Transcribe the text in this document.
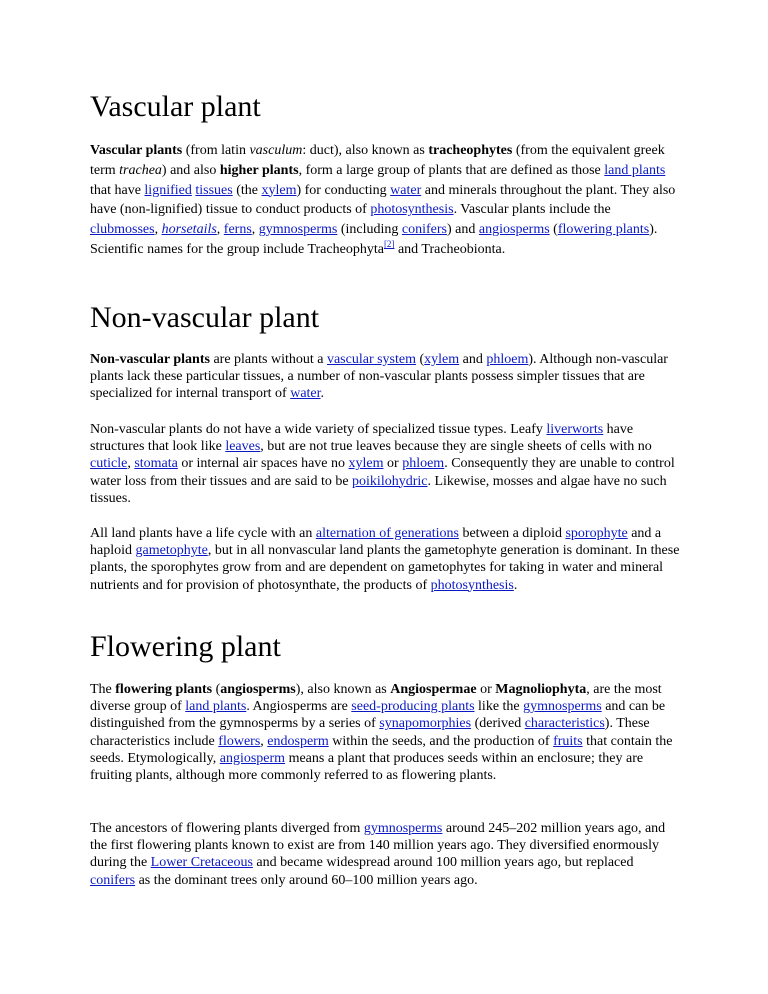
Vascular plant

Vascular plants (from latin vasculum: duct), also known as tracheophytes (from the equivalent greek term trachea) and also higher plants, form a large group of plants that are defined as those land plants that have lignified tissues (the xylem) for conducting water and minerals throughout the plant. They also have (non-lignified) tissue to conduct products of photosynthesis. Vascular plants include the clubmosses, horsetails, ferns, gymnosperms (including conifers) and angiosperms (flowering plants). Scientific names for the group include Tracheophyta[2] and Tracheobionta.

Non-vascular plant

Non-vascular plants are plants without a vascular system (xylem and phloem). Although non-vascular plants lack these particular tissues, a number of non-vascular plants possess simpler tissues that are specialized for internal transport of water.

Non-vascular plants do not have a wide variety of specialized tissue types. Leafy liverworts have structures that look like leaves, but are not true leaves because they are single sheets of cells with no cuticle, stomata or internal air spaces have no xylem or phloem. Consequently they are unable to control water loss from their tissues and are said to be poikilohydric. Likewise, mosses and algae have no such tissues.

All land plants have a life cycle with an alternation of generations between a diploid sporophyte and a haploid gametophyte, but in all nonvascular land plants the gametophyte generation is dominant. In these plants, the sporophytes grow from and are dependent on gametophytes for taking in water and mineral nutrients and for provision of photosynthate, the products of photosynthesis.

Flowering plant

The flowering plants (angiosperms), also known as Angiospermae or Magnoliophyta, are the most diverse group of land plants. Angiosperms are seed-producing plants like the gymnosperms and can be distinguished from the gymnosperms by a series of synapomorphies (derived characteristics). These characteristics include flowers, endosperm within the seeds, and the production of fruits that contain the seeds. Etymologically, angiosperm means a plant that produces seeds within an enclosure; they are fruiting plants, although more commonly referred to as flowering plants.

The ancestors of flowering plants diverged from gymnosperms around 245–202 million years ago, and the first flowering plants known to exist are from 140 million years ago. They diversified enormously during the Lower Cretaceous and became widespread around 100 million years ago, but replaced conifers as the dominant trees only around 60–100 million years ago.
